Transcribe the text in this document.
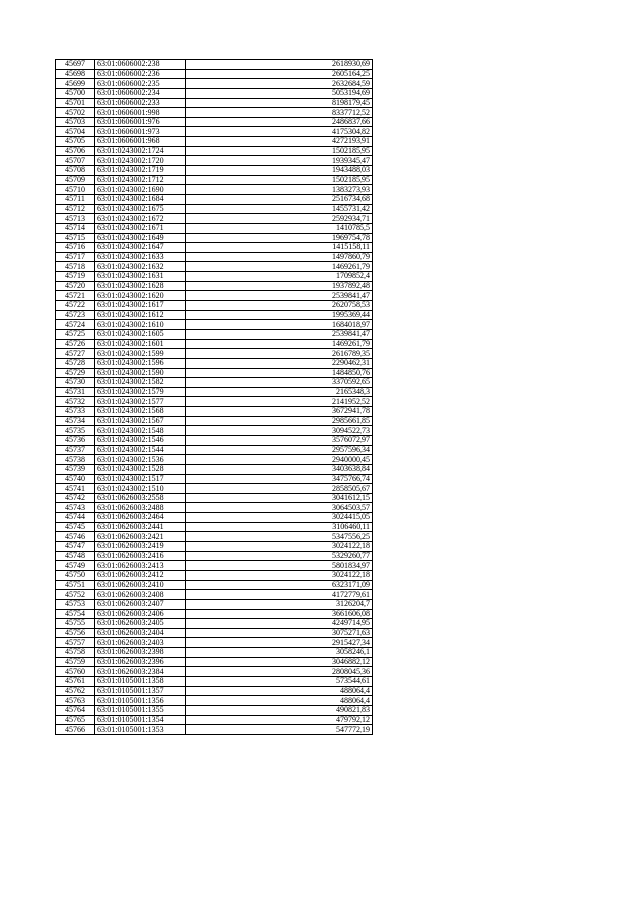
45697	63:01:0606002:238	2618930,69
45698	63:01:0606002:236	2605164,25
45699	63:01:0606002:235	2632684,59
45700	63:01:0606002:234	5053194,69
45701	63:01:0606002:233	8198179,45
45702	63:01:0606001:998	8337712,52
45703	63:01:0606001:976	2486837,66
45704	63:01:0606001:973	4175304,82
45705	63:01:0606001:968	4272193,91
45706	63:01:0243002:1724	1502185,95
45707	63:01:0243002:1720	1939345,47
45708	63:01:0243002:1719	1943488,03
45709	63:01:0243002:1712	1502185,95
45710	63:01:0243002:1690	1383273,93
45711	63:01:0243002:1684	2516734,68
45712	63:01:0243002:1675	1455731,42
45713	63:01:0243002:1672	2592934,71
45714	63:01:0243002:1671	1410785,5
45715	63:01:0243002:1649	1969754,78
45716	63:01:0243002:1647	1415158,11
45717	63:01:0243002:1633	1497860,79
45718	63:01:0243002:1632	1469261,79
45719	63:01:0243002:1631	1709852,4
45720	63:01:0243002:1628	1937892,48
45721	63:01:0243002:1620	2539841,47
45722	63:01:0243002:1617	2620758,53
45723	63:01:0243002:1612	1995369,44
45724	63:01:0243002:1610	1684018,97
45725	63:01:0243002:1605	2539841,47
45726	63:01:0243002:1601	1469261,79
45727	63:01:0243002:1599	2616789,35
45728	63:01:0243002:1596	2290462,31
45729	63:01:0243002:1590	1484850,76
45730	63:01:0243002:1582	3370592,65
45731	63:01:0243002:1579	2165348,3
45732	63:01:0243002:1577	2141952,52
45733	63:01:0243002:1568	3672941,78
45734	63:01:0243002:1567	2985661,85
45735	63:01:0243002:1548	3094522,73
45736	63:01:0243002:1546	3576072,97
45737	63:01:0243002:1544	2957596,34
45738	63:01:0243002:1536	2940000,45
45739	63:01:0243002:1528	3403638,84
45740	63:01:0243002:1517	3475766,74
45741	63:01:0243002:1510	2858505,67
45742	63:01:0626003:2558	3041612,15
45743	63:01:0626003:2488	3064503,57
45744	63:01:0626003:2464	3024415,05
45745	63:01:0626003:2441	3106460,11
45746	63:01:0626003:2421	5347556,25
45747	63:01:0626003:2419	3024122,18
45748	63:01:0626003:2416	5329260,77
45749	63:01:0626003:2413	5801834,97
45750	63:01:0626003:2412	3024122,18
45751	63:01:0626003:2410	6323171,09
45752	63:01:0626003:2408	4172779,61
45753	63:01:0626003:2407	3126204,7
45754	63:01:0626003:2406	3661606,08
45755	63:01:0626003:2405	4249714,95
45756	63:01:0626003:2404	3075271,63
45757	63:01:0626003:2403	2915427,34
45758	63:01:0626003:2398	3058246,1
45759	63:01:0626003:2396	3046882,12
45760	63:01:0626003:2384	2808045,36
45761	63:01:0105001:1358	573544,61
45762	63:01:0105001:1357	488064,4
45763	63:01:0105001:1356	488064,4
45764	63:01:0105001:1355	490821,83
45765	63:01:0105001:1354	479792,12
45766	63:01:0105001:1353	547772,19
